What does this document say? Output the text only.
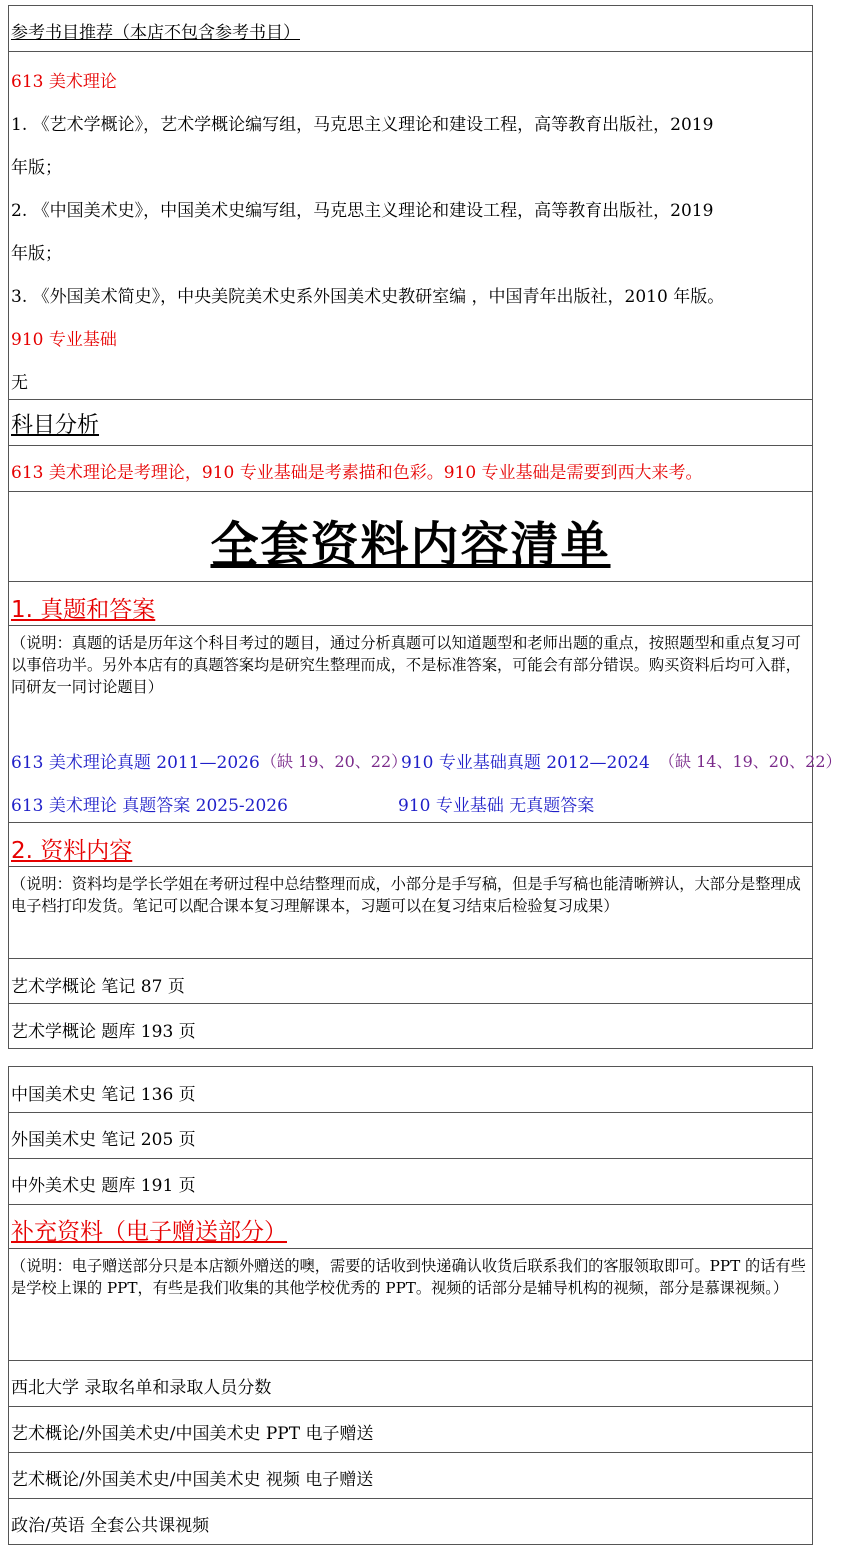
参考书目推荐（本店不包含参考书目）
613 美术理论
1. 《艺术学概论》，艺术学概论编写组，马克思主义理论和建设工程，高等教育出版社，2019
年版；
2. 《中国美术史》，中国美术史编写组，马克思主义理论和建设工程，高等教育出版社，2019
年版；
3. 《外国美术简史》，中央美院美术史系外国美术史教研室编 ，中国青年出版社，2010 年版。
910 专业基础
无
科目分析
613 美术理论是考理论，910 专业基础是考素描和色彩。910 专业基础是需要到西大来考。
全套资料内容清单
1. 真题和答案
（说明：真题的话是历年这个科目考过的题目，通过分析真题可以知道题型和老师出题的重点，按照题型和重点复习可以事倍功半。另外本店有的真题答案均是研究生整理而成，不是标准答案，可能会有部分错误。购买资料后均可入群，同研友一同讨论题目）
613 美术理论真题 2011—2026 （缺 19、20、22）
910 专业基础真题 2012—2024 （缺 14、19、20、22）
613 美术理论 真题答案 2025-2026	910 专业基础 无真题答案
2. 资料内容
（说明：资料均是学长学姐在考研过程中总结整理而成，小部分是手写稿，但是手写稿也能清晰辨认，大部分是整理成电子档打印发货。笔记可以配合课本复习理解课本，习题可以在复习结束后检验复习成果）
艺术学概论 笔记 87 页
艺术学概论 题库 193 页
中国美术史 笔记 136 页
外国美术史 笔记 205 页
中外美术史 题库 191 页
补充资料（电子赠送部分）
（说明：电子赠送部分只是本店额外赠送的噢，需要的话收到快递确认收货后联系我们的客服领取即可。PPT 的话有些是学校上课的 PPT，有些是我们收集的其他学校优秀的 PPT。视频的话部分是辅导机构的视频，部分是慕课视频。）
西北大学 录取名单和录取人员分数
艺术概论/外国美术史/中国美术史 PPT 电子赠送
艺术概论/外国美术史/中国美术史 视频 电子赠送
政治/英语 全套公共课视频
